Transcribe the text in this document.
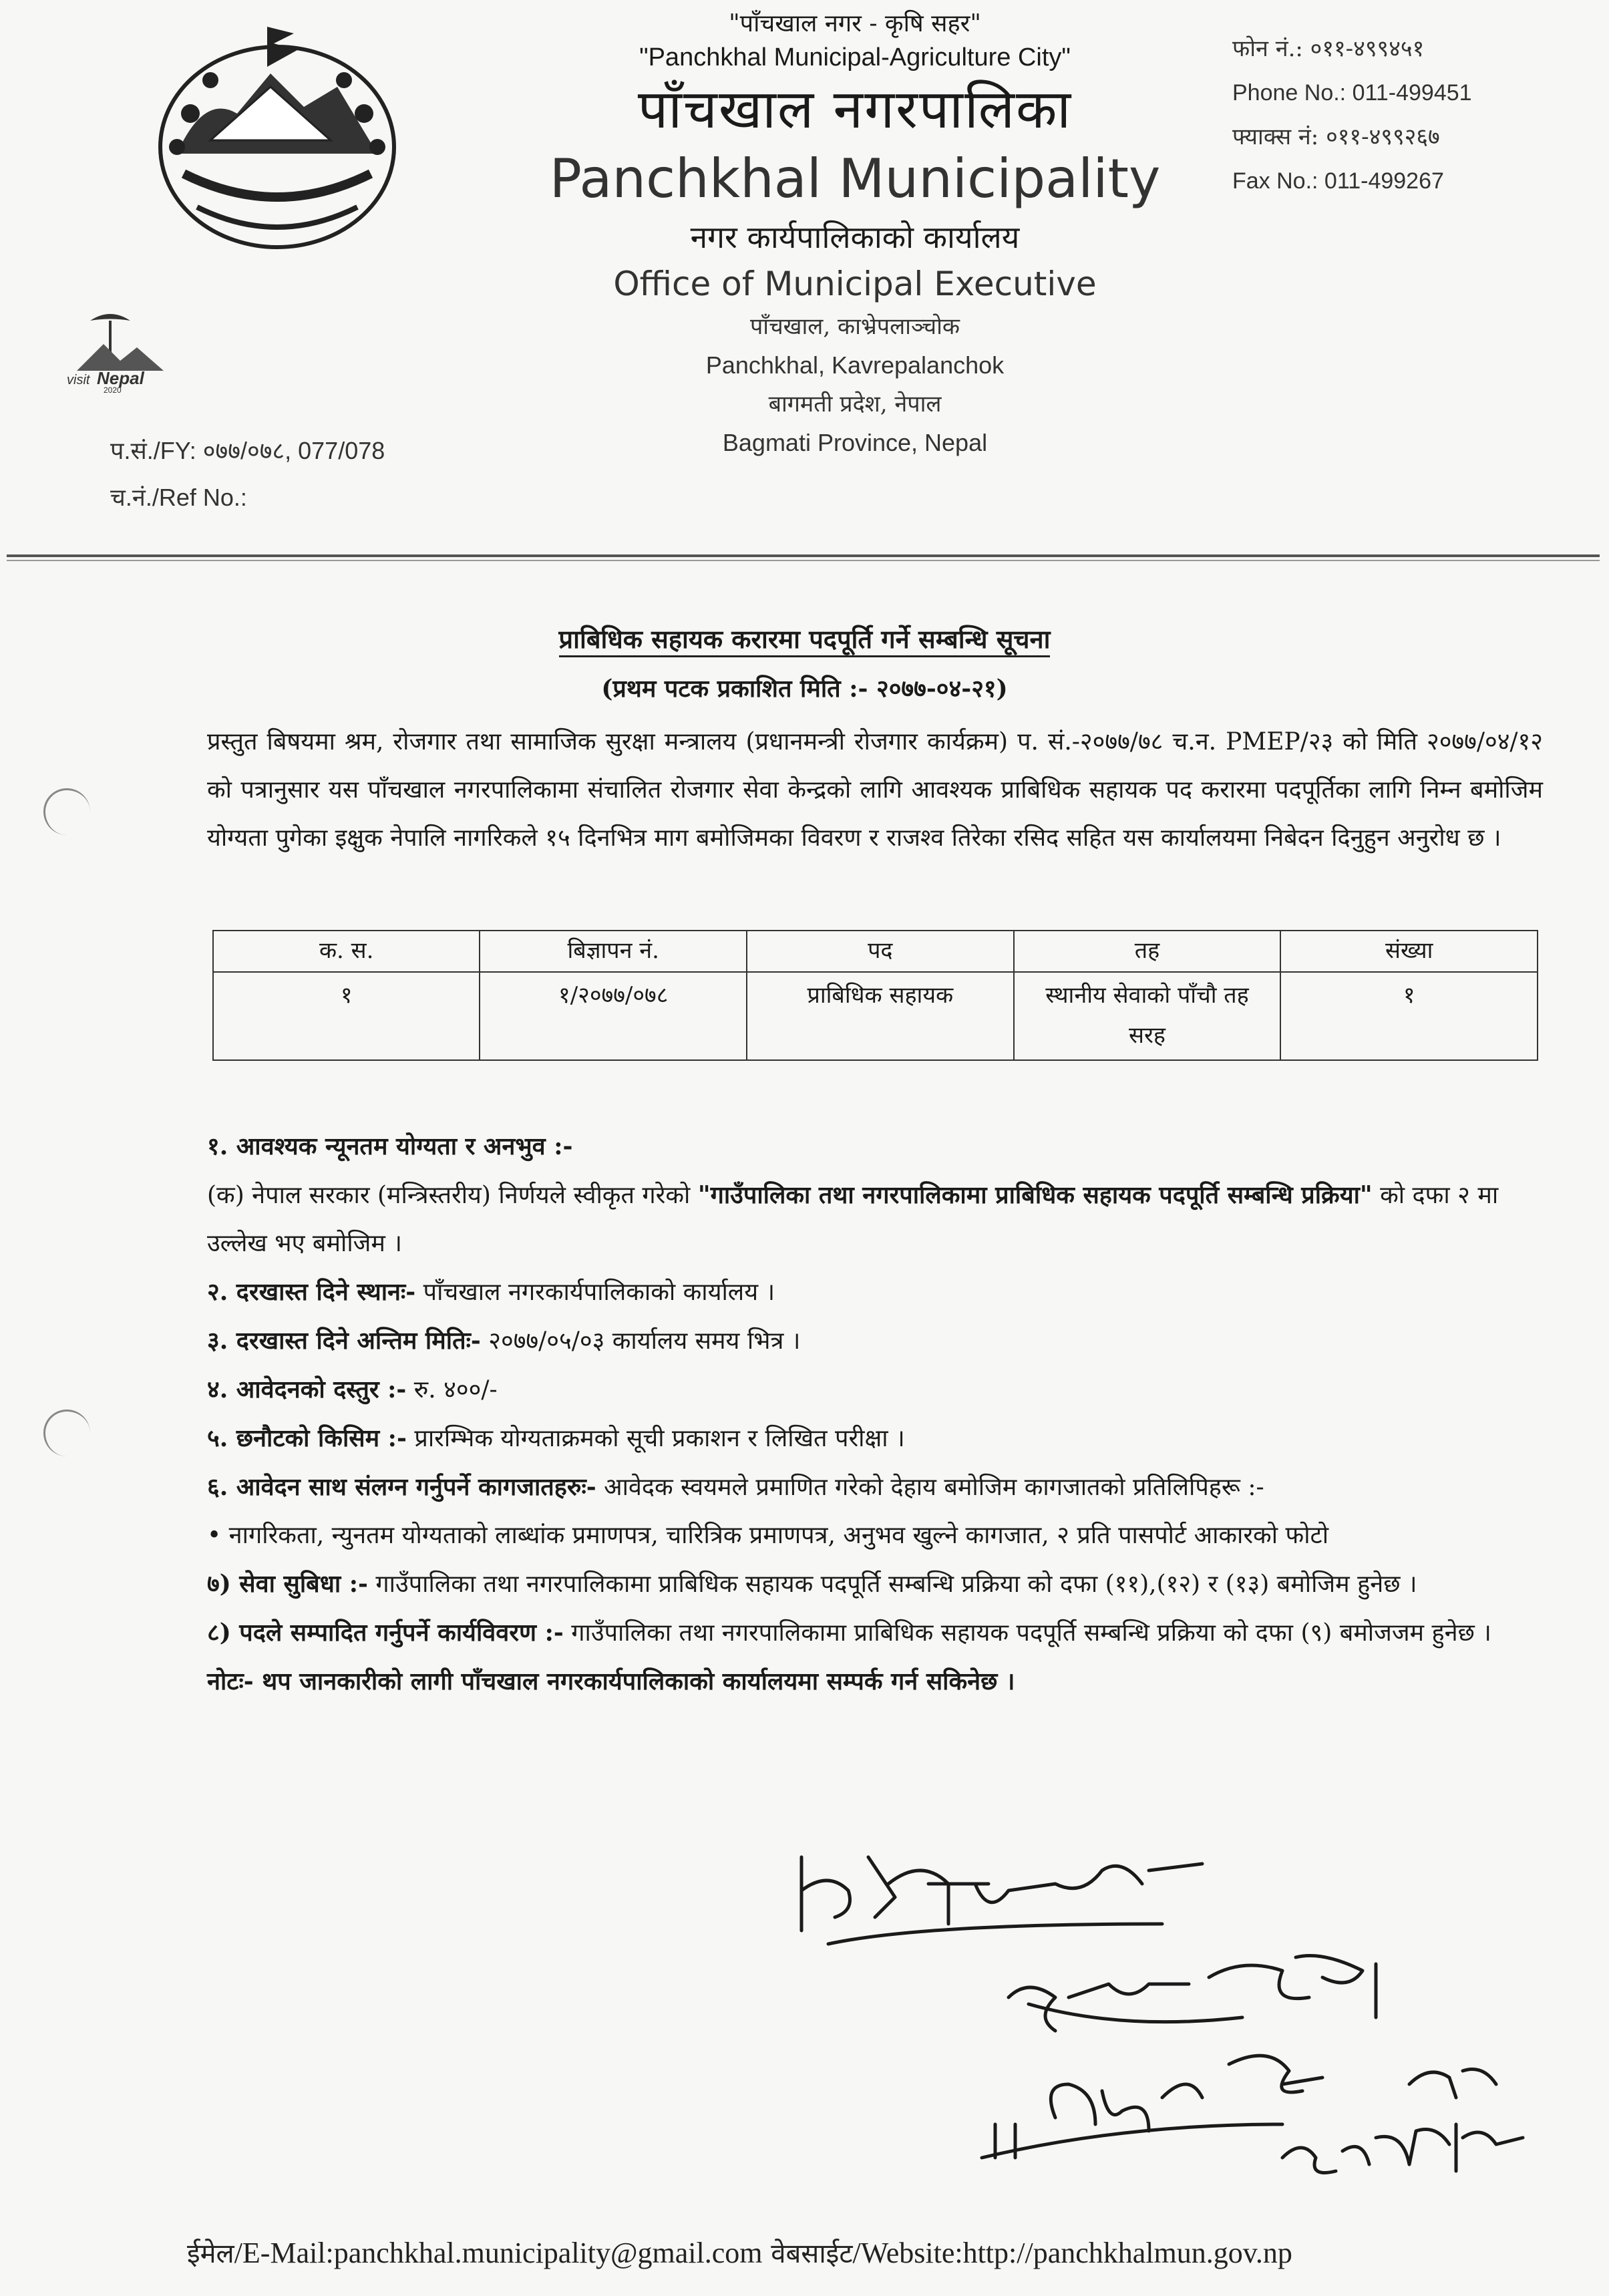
visit Nepal
2020
"पाँचखाल नगर - कृषि सहर"
"Panchkhal Municipal-Agriculture City"
पाँचखाल नगरपालिका
Panchkhal Municipality
नगर कार्यपालिकाको कार्यालय
Office of Municipal Executive
पाँचखाल, काभ्रेपलाञ्चोक
Panchkhal, Kavrepalanchok
बागमती प्रदेश, नेपाल
Bagmati Province, Nepal
फोन नं.: ०११-४९९४५१
Phone No.: 011-499451
फ्याक्स नं: ०११-४९९२६७
Fax No.: 011-499267
प.सं./FY: ०७७/०७८, 077/078
च.नं./Ref No.:
प्राबिधिक सहायक करारमा पदपूर्ति गर्ने सम्बन्धि सूचना
(प्रथम पटक प्रकाशित मिति :- २०७७-०४-२१)
प्रस्तुत बिषयमा श्रम, रोजगार तथा सामाजिक सुरक्षा मन्त्रालय (प्रधानमन्त्री रोजगार कार्यक्रम) प. सं.-२०७७/७८ च.न. PMEP/२३ को मिति २०७७/०४/१२ को पत्रानुसार यस पाँचखाल नगरपालिकामा संचालित रोजगार सेवा केन्द्रको लागि आवश्यक प्राबिधिक सहायक पद करारमा पदपूर्तिका लागि निम्न बमोजिम योग्यता पुगेका इक्षुक नेपालि नागरिकले १५ दिनभित्र माग बमोजिमका विवरण र राजश्व तिरेका रसिद सहित यस कार्यालयमा निबेदन दिनुहुन अनुरोध छ ।
क. स.	बिज्ञापन नं.	पद	तह	संख्या
१	१/२०७७/०७८	प्राबिधिक सहायक	स्थानीय सेवाको पाँचौ तह सरह	१

१. आवश्यक न्यूनतम योग्यता र अनभुव :-

(क) नेपाल सरकार (मन्त्रिस्तरीय) निर्णयले स्वीकृत गरेको "गाउँपालिका तथा नगरपालिकामा प्राबिधिक सहायक पदपूर्ति सम्बन्धि प्रक्रिया" को दफा २ मा उल्लेख भए बमोजिम ।

२. दरखास्त दिने स्थानः- पाँचखाल नगरकार्यपालिकाको कार्यालय ।

३. दरखास्त दिने अन्तिम मितिः- २०७७/०५/०३ कार्यालय समय भित्र ।

४. आवेदनको दस्तुर :- रु. ४००/-

५. छनौटको किसिम :- प्रारम्भिक योग्यताक्रमको सूची प्रकाशन र लिखित परीक्षा ।

६. आवेदन साथ संलग्न गर्नुपर्ने कागजातहरुः- आवेदक स्वयमले प्रमाणित गरेको देहाय बमोजिम कागजातको प्रतिलिपिहरू :-

• नागरिकता, न्युनतम योग्यताको लाब्धांक प्रमाणपत्र, चारित्रिक प्रमाणपत्र, अनुभव खुल्ने कागजात, २ प्रति पासपोर्ट आकारको फोटो

७) सेवा सुबिधा :- गाउँपालिका तथा नगरपालिकामा प्राबिधिक सहायक पदपूर्ति सम्बन्धि प्रक्रिया को दफा (११),(१२) र (१३) बमोजिम हुनेछ ।

८) पदले सम्पादित गर्नुपर्ने कार्यविवरण :- गाउँपालिका तथा नगरपालिकामा प्राबिधिक सहायक पदपूर्ति सम्बन्धि प्रक्रिया को दफा (९) बमोजजम हुनेछ ।

नोटः- थप जानकारीको लागी पाँचखाल नगरकार्यपालिकाको कार्यालयमा सम्पर्क गर्न सकिनेछ ।

ईमेल/E-Mail:panchkhal.municipality@gmail.com वेबसाईट/Website:http://panchkhalmun.gov.np
